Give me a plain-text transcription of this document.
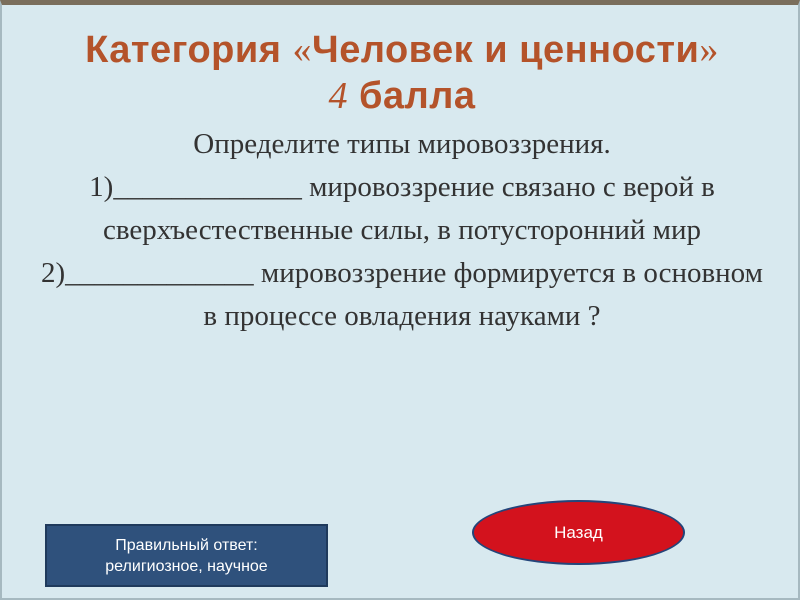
Категория «Человек и ценности» 4 балла

Определите типы мировоззрения.

1)_____________ мировоззрение связано с верой в сверхъестественные силы, в потусторонний мир

2)_____________ мировоззрение формируется в основном в процессе овладения науками ?

Правильный ответ:
религиозное, научное
Назад
